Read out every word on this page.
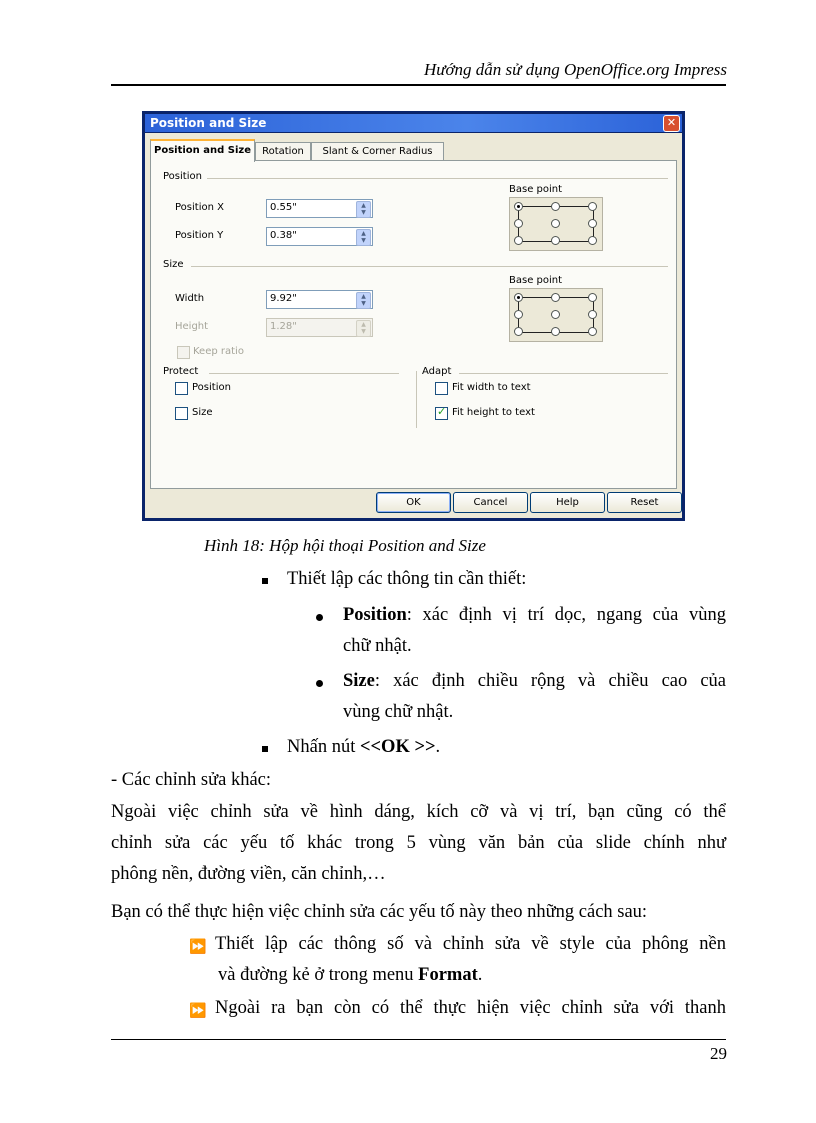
Hướng dẫn sử dụng OpenOffice.org Impress
Position and Size	✕
Position and Size	Rotation	Slant & Corner Radius
Position
Position X	0.55"	▲
▼
Position Y	0.38"	▲
▼
Base point
Size
Width	9.92"	▲
▼
Height	1.28"	▲
▼
Base point
Keep ratio
Protect
Position
Size
Adapt
Fit width to text
✓
Fit height to text
OK	Cancel	Help	Reset
Hình 18: Hộp hội thoại Position and Size
Thiết lập các thông tin cần thiết:
Position: xác định vị trí dọc, ngang của vùng
chữ nhật.
Size: xác định chiều rộng và chiều cao của
vùng chữ nhật.
Nhấn nút <<OK >>.
- Các chỉnh sửa khác:
Ngoài việc chỉnh sửa về hình dáng, kích cỡ và vị trí, bạn cũng có thể
chỉnh sửa các yếu tố khác trong 5 vùng văn bản của slide chính như
phông nền, đường viền, căn chỉnh,…
Bạn có thể thực hiện việc chỉnh sửa các yếu tố này theo những cách sau:
⏩ Thiết lập các thông số và chỉnh sửa về style của phông nền
và đường kẻ ở trong menu Format.
⏩ Ngoài ra bạn còn có thể thực hiện việc chỉnh sửa với thanh
29
